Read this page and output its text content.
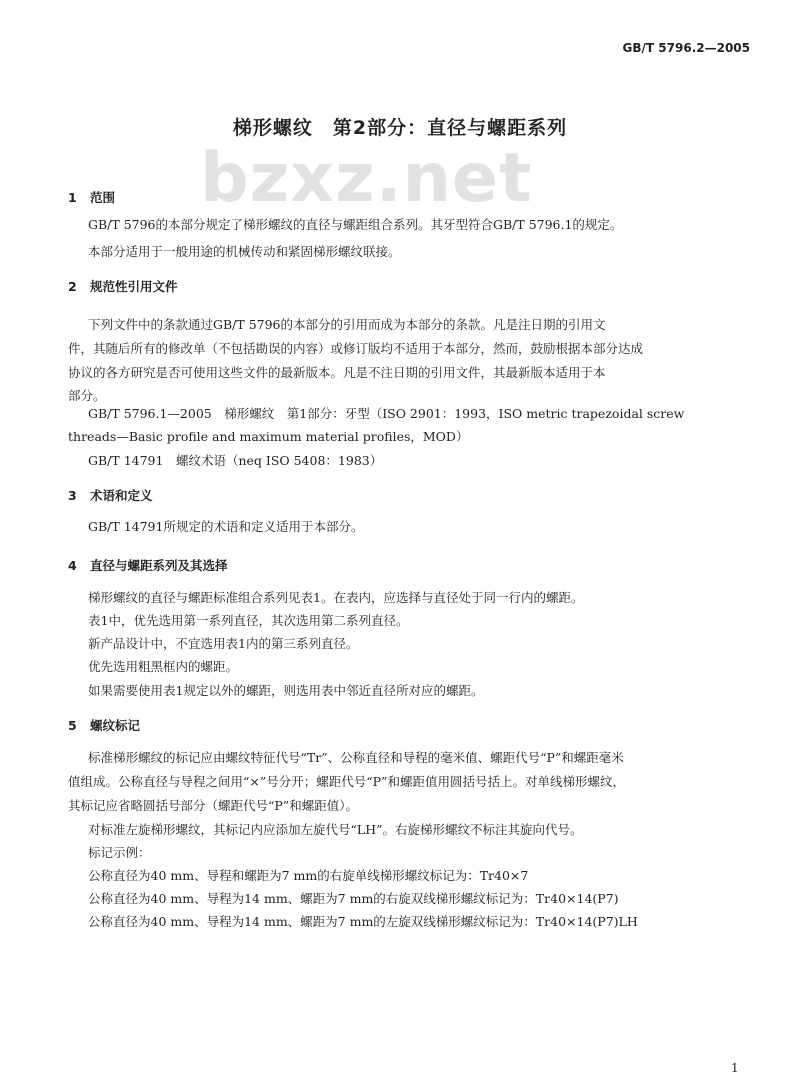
GB/T 5796.2—2005
梯形螺纹　第2部分：直径与螺距系列
bzxz.net
1 范围
GB/T 5796的本部分规定了梯形螺纹的直径与螺距组合系列。其牙型符合GB/T 5796.1的规定。
本部分适用于一般用途的机械传动和紧固梯形螺纹联接。
2 规范性引用文件
下列文件中的条款通过GB/T 5796的本部分的引用而成为本部分的条款。凡是注日期的引用文
件，其随后所有的修改单（不包括勘误的内容）或修订版均不适用于本部分，然而，鼓励根据本部分达成
协议的各方研究是否可使用这些文件的最新版本。凡是不注日期的引用文件，其最新版本适用于本
部分。
GB/T 5796.1—2005　梯形螺纹　第1部分：牙型（ISO 2901：1993，ISO metric trapezoidal screw
threads—Basic profile and maximum material profiles，MOD）
GB/T 14791　螺纹术语（neq ISO 5408：1983）
3 术语和定义
GB/T 14791所规定的术语和定义适用于本部分。
4 直径与螺距系列及其选择
梯形螺纹的直径与螺距标准组合系列见表1。在表内，应选择与直径处于同一行内的螺距。
表1中，优先选用第一系列直径，其次选用第二系列直径。
新产品设计中，不宜选用表1内的第三系列直径。
优先选用粗黑框内的螺距。
如果需要使用表1规定以外的螺距，则选用表中邻近直径所对应的螺距。
5 螺纹标记
标准梯形螺纹的标记应由螺纹特征代号“Tr”、公称直径和导程的毫米值、螺距代号“P”和螺距毫米
值组成。公称直径与导程之间用“×”号分开；螺距代号“P”和螺距值用圆括号括上。对单线梯形螺纹，
其标记应省略圆括号部分（螺距代号“P”和螺距值）。
对标准左旋梯形螺纹，其标记内应添加左旋代号“LH”。右旋梯形螺纹不标注其旋向代号。
标记示例：
公称直径为40 mm、导程和螺距为7 mm的右旋单线梯形螺纹标记为：Tr40×7
公称直径为40 mm、导程为14 mm、螺距为7 mm的右旋双线梯形螺纹标记为：Tr40×14(P7)
公称直径为40 mm、导程为14 mm、螺距为7 mm的左旋双线梯形螺纹标记为：Tr40×14(P7)LH
1
